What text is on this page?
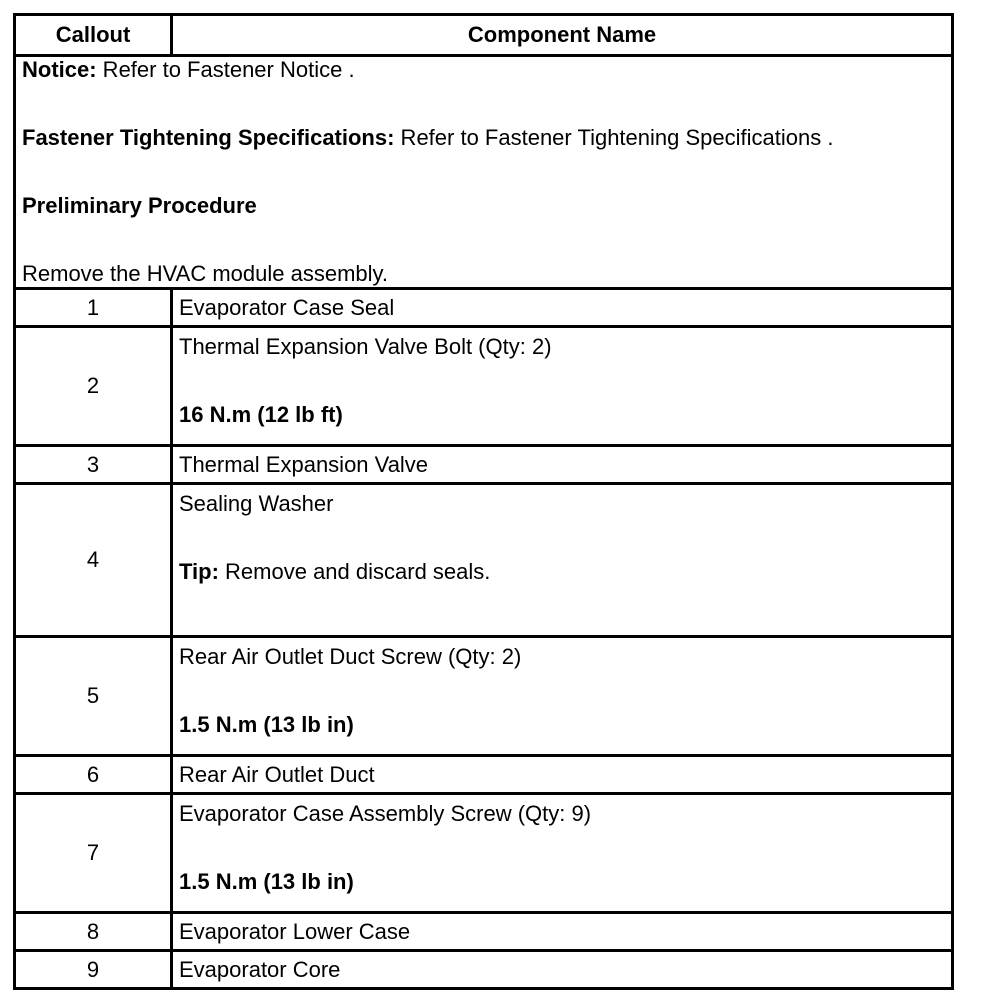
Callout	Component Name

Notice: Refer to Fastener Notice .

Fastener Tightening Specifications: Refer to Fastener Tightening Specifications .

Preliminary Procedure

Remove the HVAC module assembly.	

1	Evaporator Case Seal
2	Thermal Expansion Valve Bolt (Qty: 2)

16 N.m (12 lb ft)

3	Thermal Expansion Valve
4	Sealing Washer

Tip: Remove and discard seals.

5	Rear Air Outlet Duct Screw (Qty: 2)

1.5 N.m (13 lb in)

6	Rear Air Outlet Duct
7	Evaporator Case Assembly Screw (Qty: 9)

1.5 N.m (13 lb in)

8	Evaporator Lower Case
9	Evaporator Core
